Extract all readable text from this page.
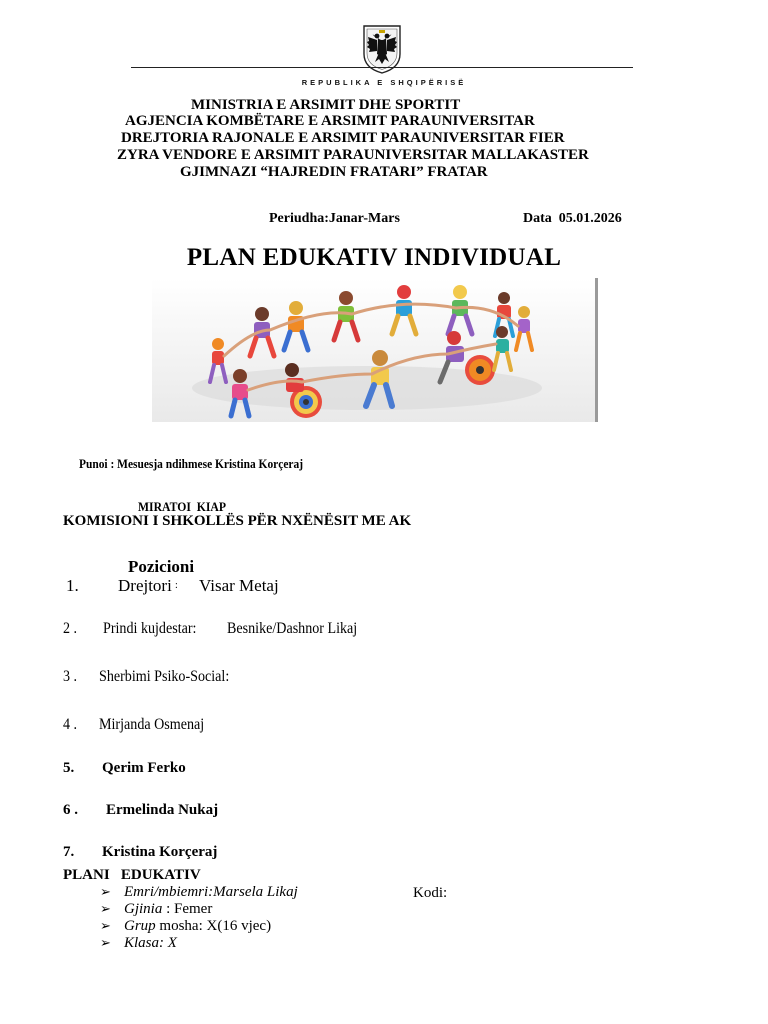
REPUBLIKA E SHQIPËRISË
MINISTRIA E ARSIMIT DHE SPORTIT
AGJENCIA KOMBËTARE E ARSIMIT PARAUNIVERSITAR
DREJTORIA RAJONALE E ARSIMIT PARAUNIVERSITAR FIER
ZYRA VENDORE E ARSIMIT PARAUNIVERSITAR MALLAKASTER
GJIMNAZI “HAJREDIN FRATARI” FRATAR
Periudha:Janar-Mars	Data  05.01.2026
PLAN EDUKATIV INDIVIDUAL
Punoi : Mesuesja ndihmese Kristina Korçeraj
MIRATOI  KIAP
KOMISIONI I SHKOLLËS PËR NXËNËSIT ME AK
Pozicioni
1. Drejtori : Visar Metaj
2 . Prindi kujdestar: Besnike/Dashnor Likaj
3 . Sherbimi Psiko-Social:
4 . Mirjanda Osmenaj
5. Qerim Ferko
6 . Ermelinda Nukaj
7. Kristina Korçeraj
PLANI   EDUKATIV
Kodi:
➢ Emri/mbiemri:Marsela Likaj
➢ Gjinia : Femer
➢ Grup mosha: X(16 vjec)
➢ Klasa: X
